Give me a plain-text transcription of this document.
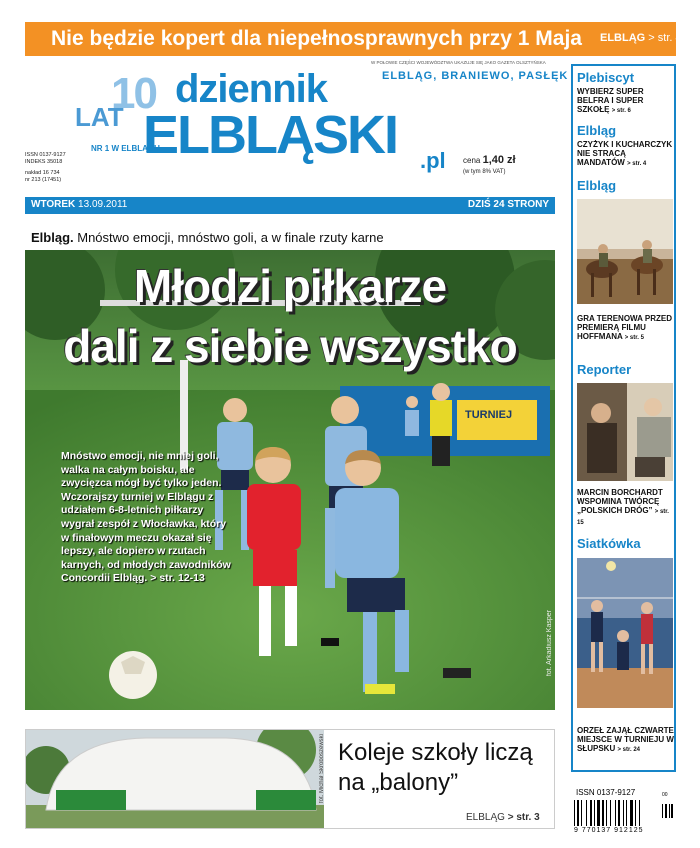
Nie będzie kopert dla niepełnosprawnych przy 1 Maja ELBLĄG > str. 4
W POŁOWIE CZĘŚCI WOJEWÓDZTWA UKAZUJE SIĘ JAKO GAZETA OLSZTYŃSKA
10
LAT
dziennik
ELBLĄSKI .pl
ELBLĄG, BRANIEWO, PASŁĘK
NR 1 W ELBLĄGU
ISSN 0137-9127
INDEKS 35018
nakład 16 734
nr 213 (17451)
cena 1,40 zł
(w tym 8% VAT)
WTOREK 13.09.2011	DZIŚ 24 STRONY
Elbląg. Mnóstwo emocji, mnóstwo goli, a w finale rzuty karne
TURNIEJ
Młodzi piłkarze
dali z siebie wszystko
Mnóstwo emocji, nie mniej goli, walka na całym boisku, ale zwycięzca mógł być tylko jeden. Wczorajszy turniej w Elblągu z udziałem 6-8-letnich piłkarzy wygrał zespół z Włocławka, który w finałowym meczu okazał się lepszy, ale dopiero w rzutach karnych, od młodych zawodników Concordii Elbląg. > str. 12-13
fot. Arkadiusz Kasper
Plebiscyt
WYBIERZ SUPER BELFRA I SUPER SZKOŁĘ > str. 6
Elbląg
CZYŻYK I KUCHARCZYK NIE STRACĄ MANDATÓW > str. 4
Elbląg
GRA TERENOWA PRZED PREMIERĄ FILMU HOFFMANA > str. 5
Reporter
MARCIN BORCHARDT WSPOMINA TWÓRCĘ „POLSKICH DRÓG” > str. 15
Siatkówka
ORZEŁ ZAJĄŁ CZWARTE MIEJSCE W TURNIEJU W SŁUPSKU > str. 24
fot. Michał Skroboszewski Koleje szkoły liczą
na „balony”
ELBLĄG > str. 3
ISSN 0137-9127	00
9 770137 912125
